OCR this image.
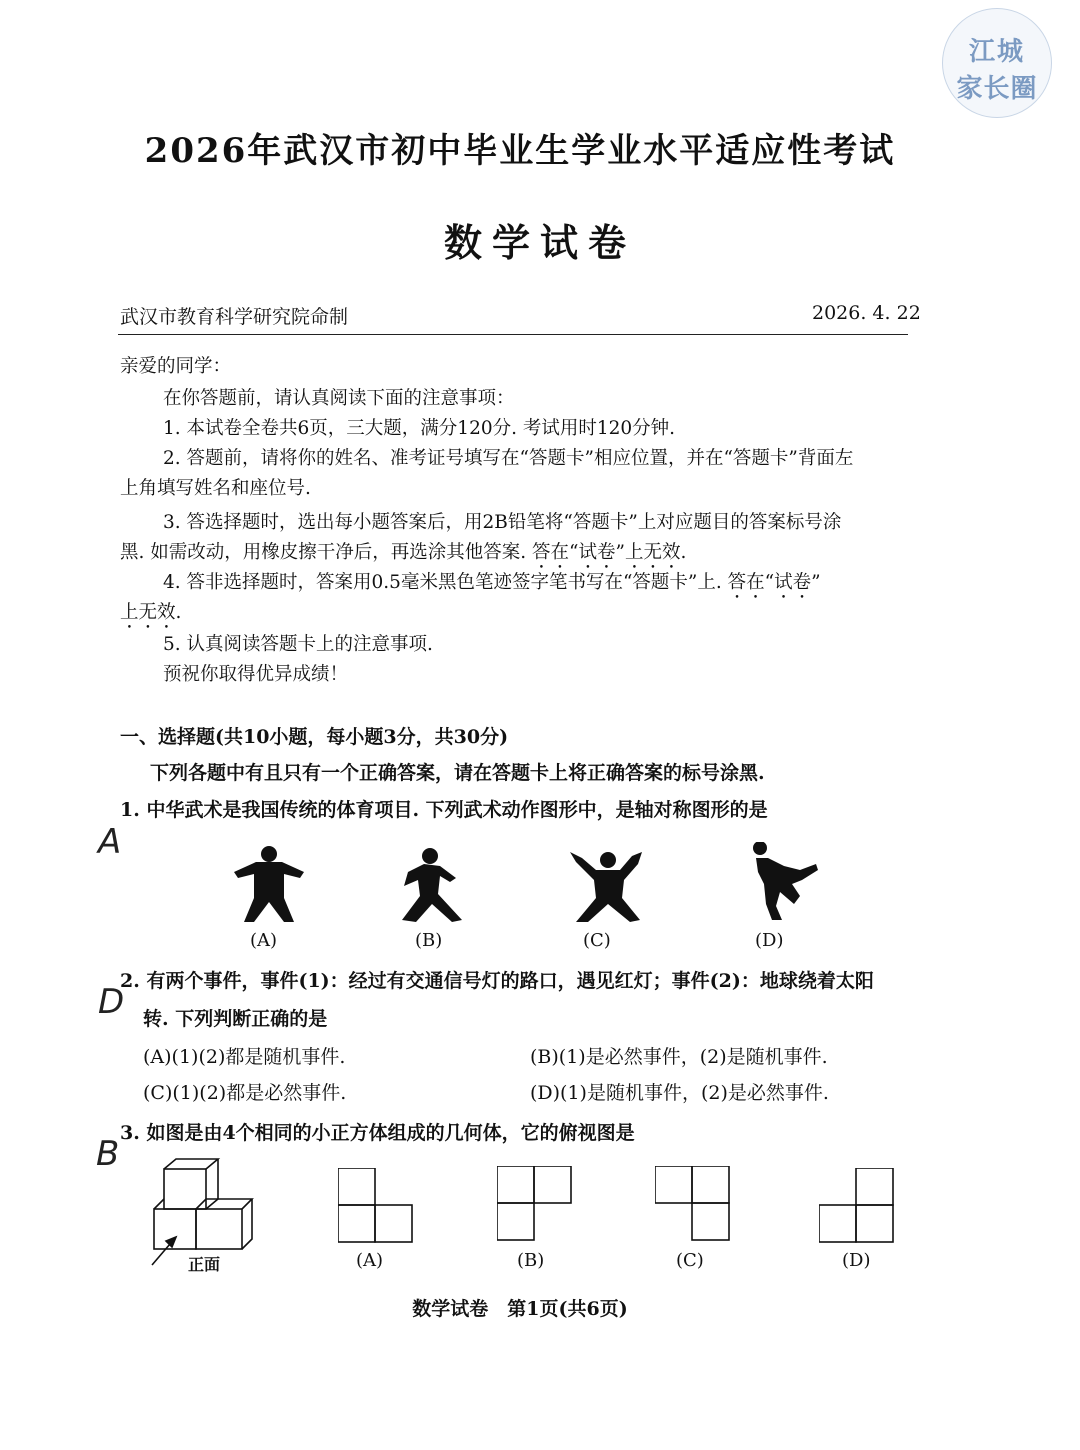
江城
家长圈
2026年武汉市初中毕业生学业水平适应性考试
数学试卷
武汉市教育科学研究院命制	2026. 4. 22
亲爱的同学：
在你答题前，请认真阅读下面的注意事项：
1. 本试卷全卷共6页，三大题，满分120分. 考试用时120分钟.
2. 答题前，请将你的姓名、准考证号填写在“答题卡”相应位置，并在“答题卡”背面左
上角填写姓名和座位号.
3. 答选择题时，选出每小题答案后，用2B铅笔将“答题卡”上对应题目的答案标号涂
黑. 如需改动，用橡皮擦干净后，再选涂其他答案. 答在“试卷”上无效.
4. 答非选择题时，答案用0.5毫米黑色笔迹签字笔书写在“答题卡”上. 答在“试卷”
上无效.
5. 认真阅读答题卡上的注意事项.
预祝你取得优异成绩！
一、选择题(共10小题，每小题3分，共30分)
下列各题中有且只有一个正确答案，请在答题卡上将正确答案的标号涂黑.
1. 中华武术是我国传统的体育项目. 下列武术动作图形中，是轴对称图形的是
A
(A)	(B)	(C)	(D)
2. 有两个事件，事件(1)：经过有交通信号灯的路口，遇见红灯；事件(2)：地球绕着太阳
D 转. 下列判断正确的是
(A)(1)(2)都是随机事件.	(B)(1)是必然事件，(2)是随机事件.
(C)(1)(2)都是必然事件.	(D)(1)是随机事件，(2)是必然事件.
3. 如图是由4个相同的小正方体组成的几何体，它的俯视图是
B
正面	(A)	(B)	(C)	(D)
数学试卷　第1页(共6页)
